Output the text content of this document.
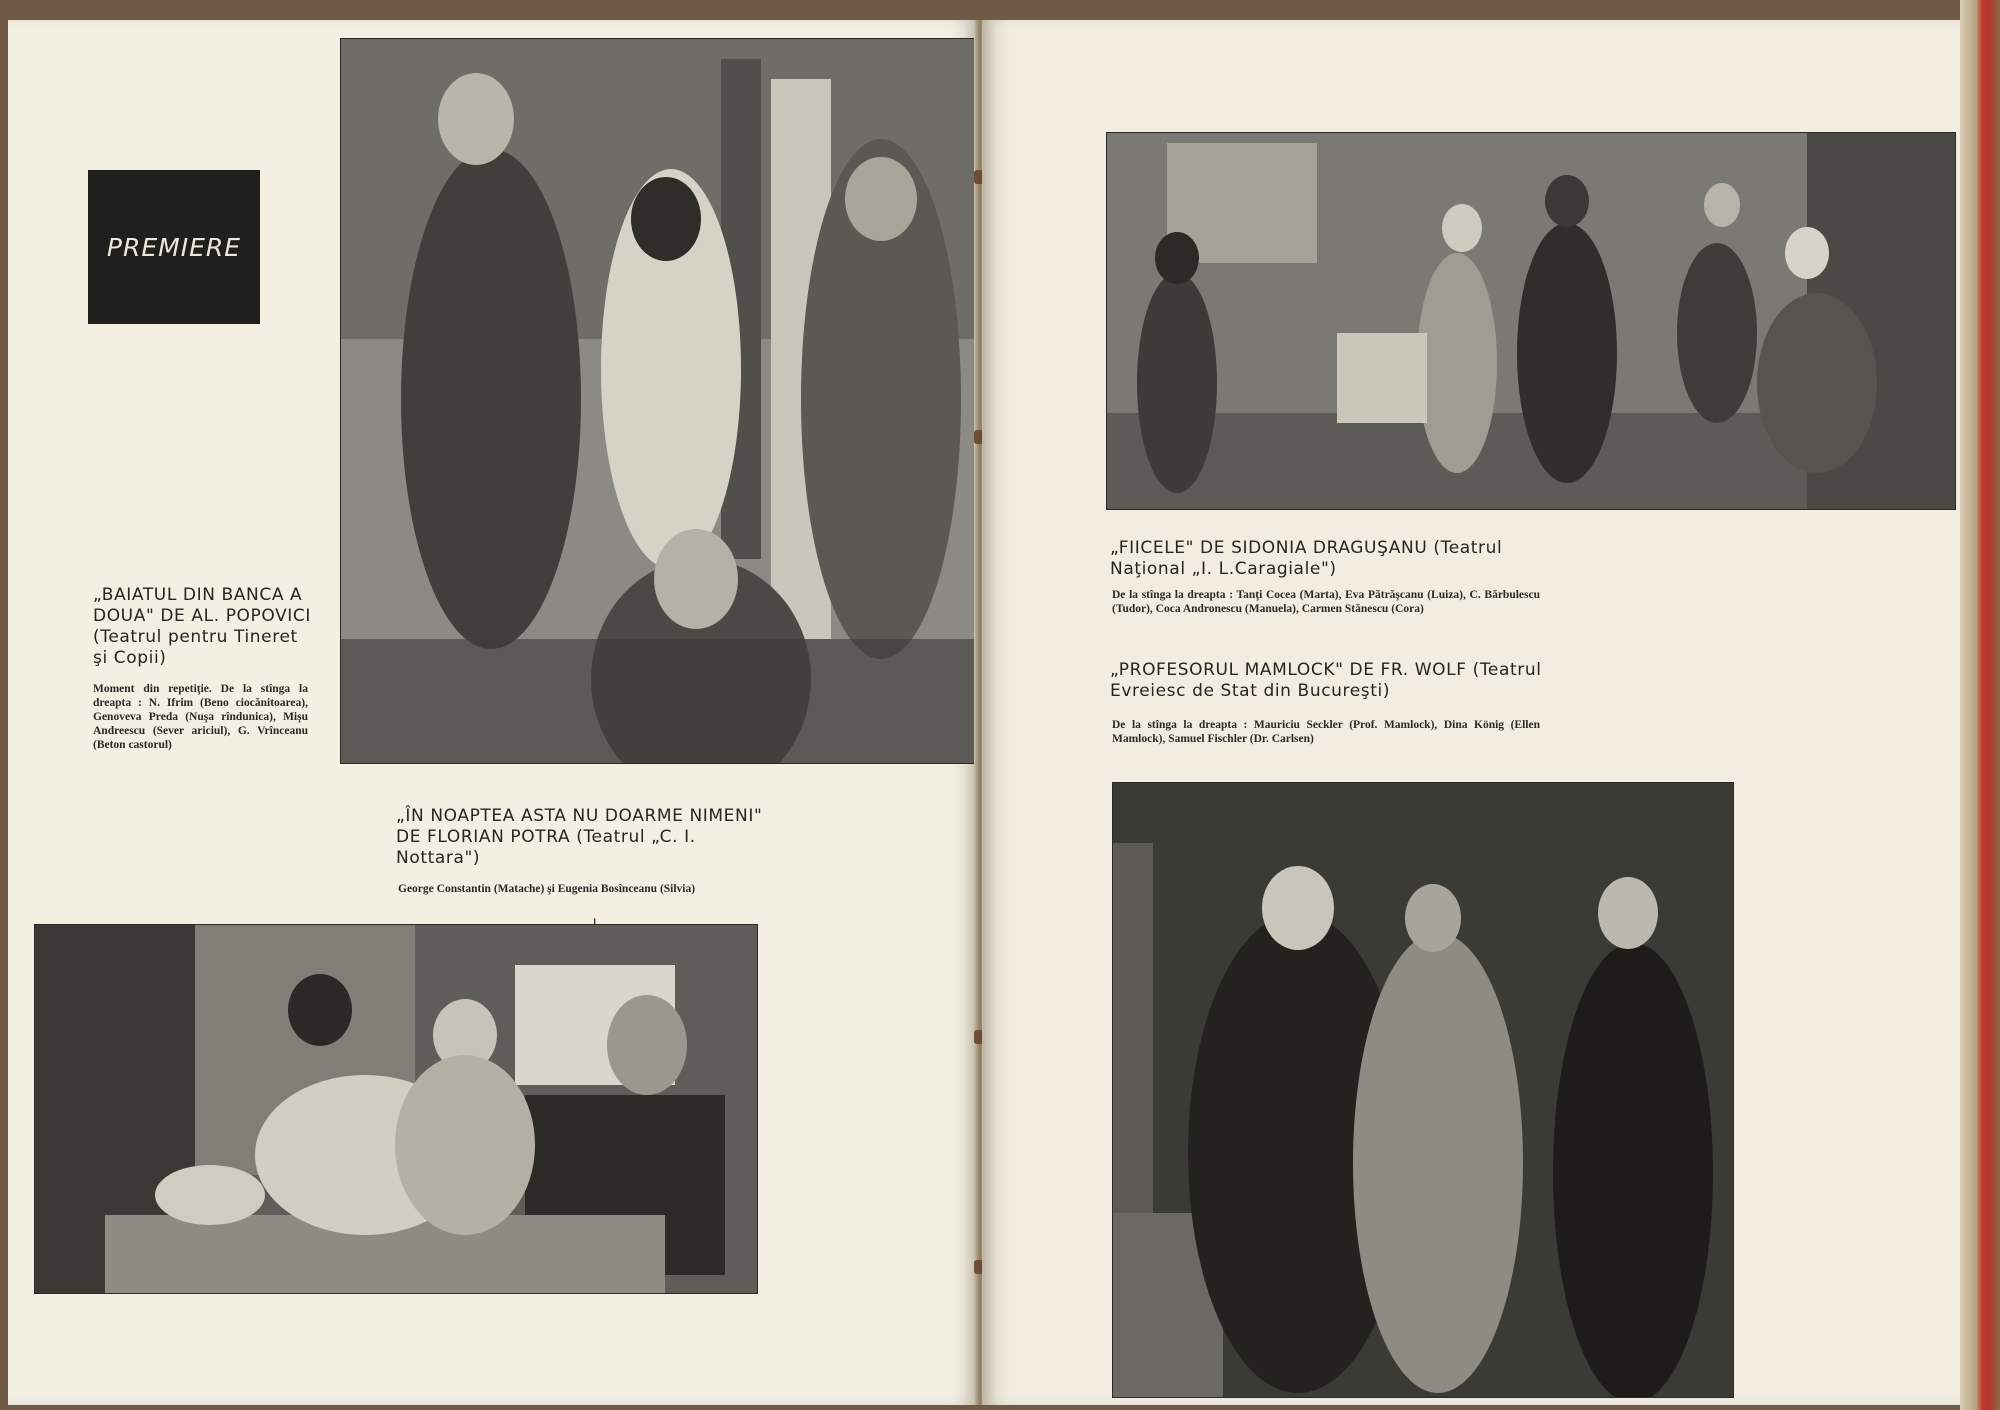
PREMIERE
„BAIATUL DIN BANCA A DOUA" DE AL. POPOVICI (Teatrul pentru Tineret şi Copii)
Moment din repetiţie. De la stînga la dreapta : N. Ifrim (Beno ciocănitoarea), Genoveva Preda (Nuşa rîndunica), Mişu Andreescu (Sever ariciul), G. Vrînceanu (Beton castorul)
„ÎN NOAPTEA ASTA NU DOARME NIMENI" DE FLORIAN POTRA (Teatrul „C. I. Nottara")
George Constantin (Matache) şi Eugenia Bosînceanu (Silvia)
„FIICELE" DE SIDONIA DRAGUŞANU (Teatrul Naţional „I. L.Caragiale")
De la stînga la dreapta : Tanţi Cocea (Marta), Eva Pătrăşcanu (Luiza), C. Bărbulescu (Tudor), Coca Andronescu (Manuela), Carmen Stănescu (Cora)
„PROFESORUL MAMLOCK" DE FR. WOLF (Teatrul Evreiesc de Stat din Bucureşti)
De la stînga la dreapta : Mauriciu Seckler (Prof. Mamlock), Dina König (Ellen Mamlock), Samuel Fischler (Dr. Carlsen)
